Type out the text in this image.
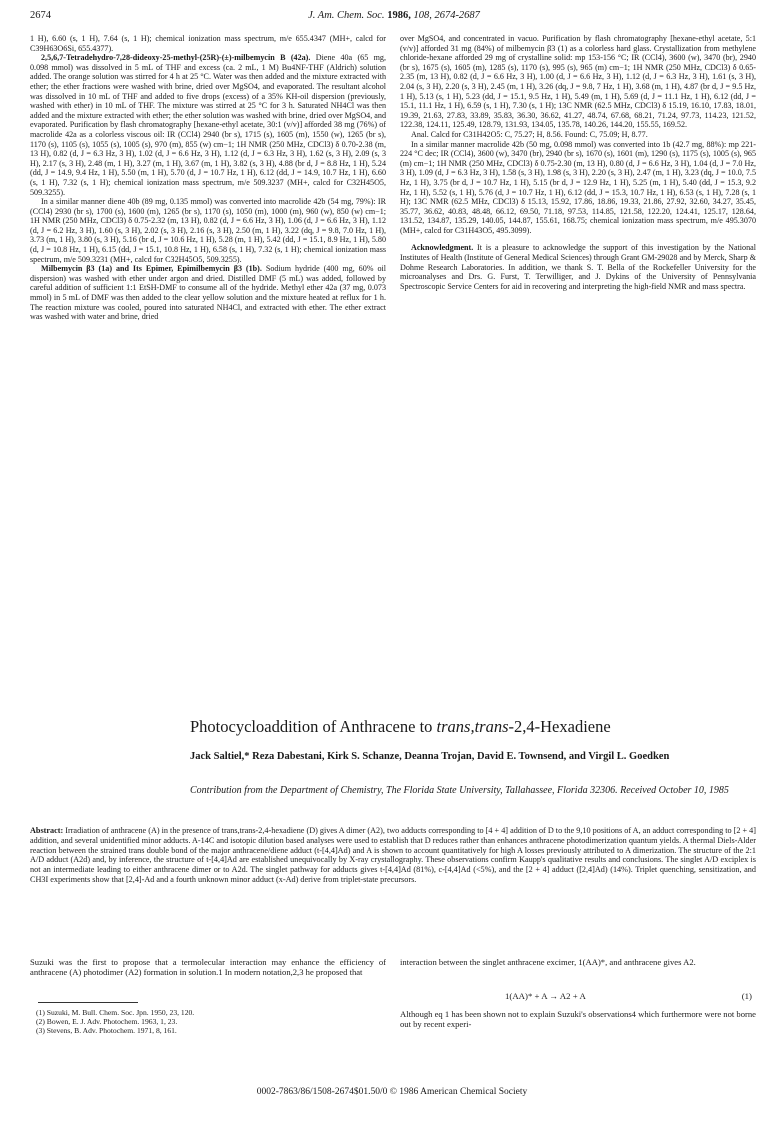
2674	J. Am. Chem. Soc. 1986, 108, 2674-2687

1 H), 6.60 (s, 1 H), 7.64 (s, 1 H); chemical ionization mass spectrum, m/e 655.4347 (MH+, calcd for C39H63O6Si, 655.4377).

2,5,6,7-Tetradehydro-7,28-dideoxy-25-methyl-(25R)-(±)-milbemycin B (42a). Diene 40a (65 mg, 0.098 mmol) was dissolved in 5 mL of THF and excess (ca. 2 mL, 1 M) Bu4NF-THF (Aldrich) solution added. The orange solution was stirred for 4 h at 25 °C. Water was then added and the mixture extracted with ether; the ether fractions were washed with brine, dried over MgSO4, and evaporated. The resultant alcohol was dissolved in 10 mL of THF and added to five drops (excess) of a 35% KH-oil dispersion (previously, washed with ether) in 10 mL of THF. The mixture was stirred at 25 °C for 3 h. Saturated NH4Cl was then added and the mixture extracted with ether; the ether solution was washed with brine, dried over MgSO4, and evaporated. Purification by flash chromatography [hexane-ethyl acetate, 30:1 (v/v)] afforded 38 mg (76%) of macrolide 42a as a colorless viscous oil: IR (CCl4) 2940 (br s), 1715 (s), 1605 (m), 1550 (w), 1265 (br s), 1170 (s), 1105 (s), 1055 (s), 1005 (s), 970 (m), 855 (w) cm−1; 1H NMR (250 MHz, CDCl3) δ 0.70-2.38 (m, 13 H), 0.82 (d, J = 6.3 Hz, 3 H), 1.02 (d, J = 6.6 Hz, 3 H), 1.12 (d, J = 6.3 Hz, 3 H), 1.62 (s, 3 H), 2.09 (s, 3 H), 2.17 (s, 3 H), 2.48 (m, 1 H), 3.27 (m, 1 H), 3.67 (m, 1 H), 3.82 (s, 3 H), 4.88 (br d, J = 8.8 Hz, 1 H), 5.24 (dd, J = 14.9, 9.4 Hz, 1 H), 5.50 (m, 1 H), 5.70 (d, J = 10.7 Hz, 1 H), 6.12 (dd, J = 14.9, 10.7 Hz, 1 H), 6.60 (s, 1 H), 7.32 (s, 1 H); chemical ionization mass spectrum, m/e 509.3237 (MH+, calcd for C32H45O5, 509.3255).

In a similar manner diene 40b (89 mg, 0.135 mmol) was converted into macrolide 42b (54 mg, 79%): IR (CCl4) 2930 (br s), 1700 (s), 1600 (m), 1265 (br s), 1170 (s), 1050 (m), 1000 (m), 960 (w), 850 (w) cm−1; 1H NMR (250 MHz, CDCl3) δ 0.75-2.32 (m, 13 H), 0.82 (d, J = 6.6 Hz, 3 H), 1.06 (d, J = 6.6 Hz, 3 H), 1.12 (d, J = 6.2 Hz, 3 H), 1.60 (s, 3 H), 2.02 (s, 3 H), 2.16 (s, 3 H), 2.50 (m, 1 H), 3.22 (dq, J = 9.8, 7.0 Hz, 1 H), 3.73 (m, 1 H), 3.80 (s, 3 H), 5.16 (br d, J = 10.6 Hz, 1 H), 5.28 (m, 1 H), 5.42 (dd, J = 15.1, 8.9 Hz, 1 H), 5.80 (d, J = 10.8 Hz, 1 H), 6.15 (dd, J = 15.1, 10.8 Hz, 1 H), 6.58 (s, 1 H), 7.32 (s, 1 H); chemical ionization mass spectrum, m/e 509.3231 (MH+, calcd for C32H45O5, 509.3255).

Milbemycin β3 (1a) and Its Epimer, Epimilbemycin β3 (1b). Sodium hydride (400 mg, 60% oil dispersion) was washed with ether under argon and dried. Distilled DMF (5 mL) was added, followed by careful addition of sufficient 1:1 EtSH-DMF to consume all of the hydride. Methyl ether 42a (37 mg, 0.073 mmol) in 5 mL of DMF was then added to the clear yellow solution and the mixture heated at reflux for 1 h. The reaction mixture was cooled, poured into saturated NH4Cl, and extracted with ether. The ether extract was washed with water and brine, dried

over MgSO4, and concentrated in vacuo. Purification by flash chromatography [hexane-ethyl acetate, 5:1 (v/v)] afforded 31 mg (84%) of milbemycin β3 (1) as a colorless hard glass. Crystallization from methylene chloride-hexane afforded 29 mg of crystalline solid: mp 153-156 °C; IR (CCl4), 3600 (w), 3470 (br), 2940 (br s), 1675 (s), 1605 (m), 1285 (s), 1170 (s), 995 (s), 965 (m) cm−1; 1H NMR (250 MHz, CDCl3) δ 0.65-2.35 (m, 13 H), 0.82 (d, J = 6.6 Hz, 3 H), 1.00 (d, J = 6.6 Hz, 3 H), 1.12 (d, J = 6.3 Hz, 3 H), 1.61 (s, 3 H), 2.04 (s, 3 H), 2.20 (s, 3 H), 2.45 (m, 1 H), 3.26 (dq, J = 9.8, 7 Hz, 1 H), 3.68 (m, 1 H), 4.87 (br d, J = 9.5 Hz, 1 H), 5.13 (s, 1 H), 5.23 (dd, J = 15.1, 9.5 Hz, 1 H), 5.49 (m, 1 H), 5.69 (d, J = 11.1 Hz, 1 H), 6.12 (dd, J = 15.1, 11.1 Hz, 1 H), 6.59 (s, 1 H), 7.30 (s, 1 H); 13C NMR (62.5 MHz, CDCl3) δ 15.19, 16.10, 17.83, 18.01, 19.39, 21.63, 27.83, 33.89, 35.83, 36.30, 36.62, 41.27, 48.74, 67.68, 68.21, 71.24, 97.73, 114.23, 121.52, 122.38, 124.11, 125.49, 128.79, 131.93, 134.05, 135.78, 140.26, 144.20, 155.55, 169.52.

Anal. Calcd for C31H42O5: C, 75.27; H, 8.56. Found: C, 75.09; H, 8.77.

In a similar manner macrolide 42b (50 mg, 0.098 mmol) was converted into 1b (42.7 mg, 88%): mp 221-224 °C dec; IR (CCl4), 3600 (w), 3470 (br), 2940 (br s), 1670 (s), 1601 (m), 1290 (s), 1175 (s), 1005 (s), 965 (m) cm−1; 1H NMR (250 MHz, CDCl3) δ 0.75-2.30 (m, 13 H), 0.80 (d, J = 6.6 Hz, 3 H), 1.04 (d, J = 7.0 Hz, 3 H), 1.09 (d, J = 6.3 Hz, 3 H), 1.58 (s, 3 H), 1.98 (s, 3 H), 2.20 (s, 3 H), 2.47 (m, 1 H), 3.23 (dq, J = 10.0, 7.5 Hz, 1 H), 3.75 (br d, J = 10.7 Hz, 1 H), 5.15 (br d, J = 12.9 Hz, 1 H), 5.25 (m, 1 H), 5.40 (dd, J = 15.3, 9.2 Hz, 1 H), 5.52 (s, 1 H), 5.76 (d, J = 10.7 Hz, 1 H), 6.12 (dd, J = 15.3, 10.7 Hz, 1 H), 6.53 (s, 1 H), 7.28 (s, 1 H); 13C NMR (62.5 MHz, CDCl3) δ 15.13, 15.92, 17.86, 18.86, 19.33, 21.86, 27.92, 32.60, 34.27, 35.45, 35.77, 36.62, 40.83, 48.48, 66.12, 69.50, 71.18, 97.53, 114.85, 121.58, 122.20, 124.41, 125.17, 128.64, 131.52, 134.87, 135.29, 140.05, 144.87, 155.61, 168.75; chemical ionization mass spectrum, m/e 495.3070 (MH+, calcd for C31H43O5, 495.3099).

Acknowledgment. It is a pleasure to acknowledge the support of this investigation by the National Institutes of Health (Institute of General Medical Sciences) through Grant GM-29028 and by Merck, Sharp & Dohme Research Laboratories. In addition, we thank S. T. Bella of the Rockefeller University for the microanalyses and Drs. G. Furst, T. Terwilliger, and J. Dykins of the University of Pennsylvania Spectroscopic Service Centers for aid in recovering and interpreting the high-field NMR and mass spectra.

Photocycloaddition of Anthracene to trans,trans-2,4-Hexadiene
Jack Saltiel,* Reza Dabestani, Kirk S. Schanze, Deanna Trojan, David E. Townsend, and Virgil L. Goedken
Contribution from the Department of Chemistry, The Florida State University, Tallahassee, Florida 32306. Received October 10, 1985
Abstract: Irradiation of anthracene (A) in the presence of trans,trans-2,4-hexadiene (D) gives A dimer (A2), two adducts corresponding to [4 + 4] addition of D to the 9,10 positions of A, an adduct corresponding to [2 + 4] addition, and several unidentified minor adducts. A-14C and isotopic dilution based analyses were used to establish that D reduces rather than enhances anthracene photodimerization quantum yields. A thermal Diels-Alder reaction between the strained trans double bond of the major anthracene/diene adduct (t-[4,4]Ad) and A is shown to account quantitatively for high A losses previously attributed to A dimerization. The structure of the 2:1 A/D adduct (A2d) and, by inference, the structure of t-[4,4]Ad are established unequivocally by X-ray crystallography. These observations confirm Kaupp's qualitative results and conclusions. The singlet A/D exciplex is not an intermediate leading to either anthracene dimer or to A2d. The singlet pathway for adducts gives t-[4,4]Ad (81%), c-[4,4]Ad (<5%), and the [2 + 4] adduct ([2,4]Ad) (14%). Triplet quenching, sensitization, and CH3I experiments show that [2,4]-Ad and a fourth unknown minor adduct (x-Ad) derive from triplet-state precursors.
Suzuki was the first to propose that a termolecular interaction may enhance the efficiency of anthracene (A) photodimer (A2) formation in solution.1 In modern notation,2,3 he proposed that
interaction between the singlet anthracene excimer, 1(AA)*, and anthracene gives A2.
1(AA)* + A → A2 + A	(1)
Although eq 1 has been shown not to explain Suzuki's observations4 which furthermore were not borne out by recent experi-
(1) Suzuki, M. Bull. Chem. Soc. Jpn. 1950, 23, 120.
(2) Bowen, E. J. Adv. Photochem. 1963, 1, 23.
(3) Stevens, B. Adv. Photochem. 1971, 8, 161.
0002-7863/86/1508-2674$01.50/0 © 1986 American Chemical Society
